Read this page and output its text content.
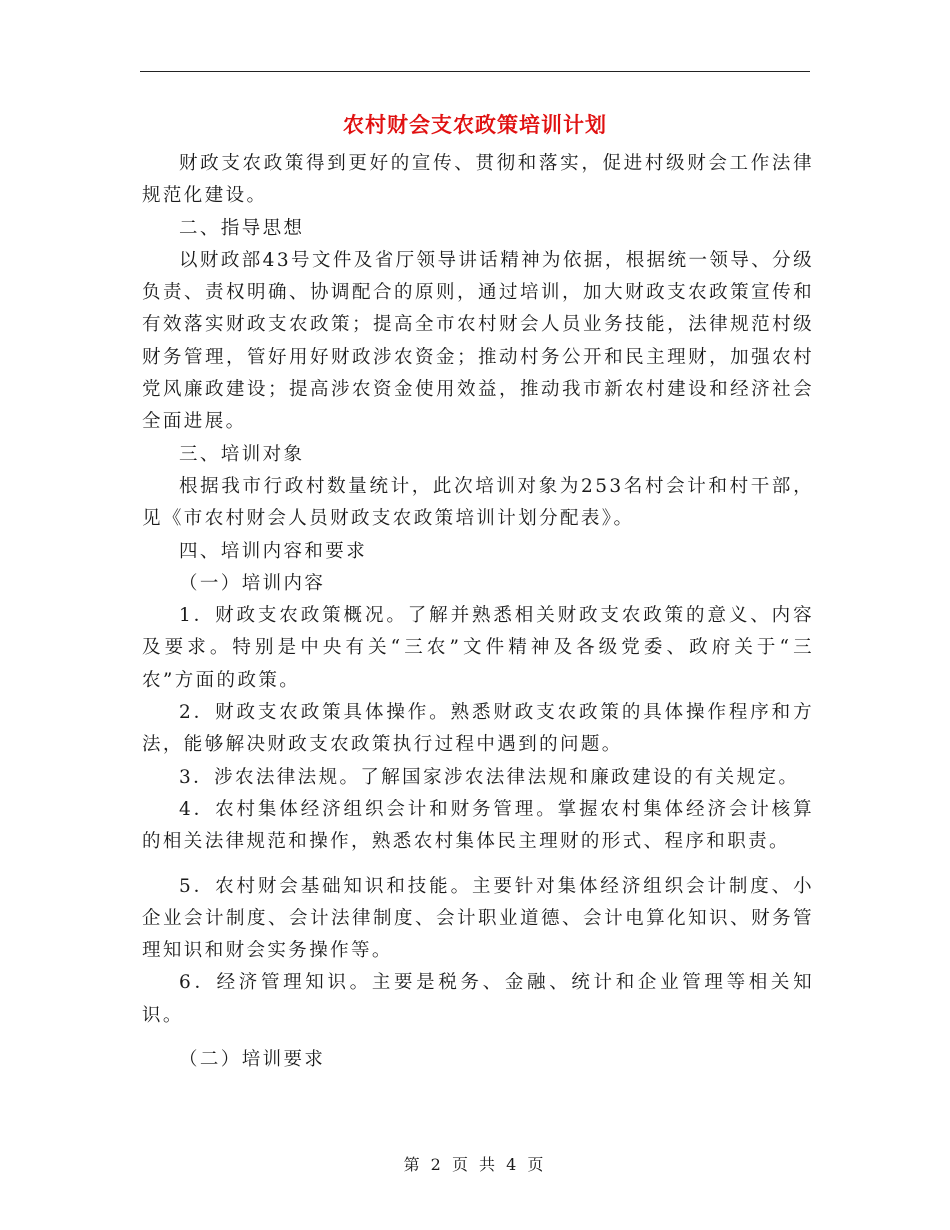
农村财会支农政策培训计划

财政支农政策得到更好的宣传、贯彻和落实，促进村级财会工作法律规范化建设。

二、指导思想

以财政部43号文件及省厅领导讲话精神为依据，根据统一领导、分级负责、责权明确、协调配合的原则，通过培训，加大财政支农政策宣传和有效落实财政支农政策；提高全市农村财会人员业务技能，法律规范村级财务管理，管好用好财政涉农资金；推动村务公开和民主理财，加强农村党风廉政建设；提高涉农资金使用效益，推动我市新农村建设和经济社会全面进展。

三、培训对象

根据我市行政村数量统计，此次培训对象为253名村会计和村干部，见《市农村财会人员财政支农政策培训计划分配表》。

四、培训内容和要求

（一）培训内容

1．财政支农政策概况。了解并熟悉相关财政支农政策的意义、内容及要求。特别是中央有关“三农”文件精神及各级党委、政府关于“三农”方面的政策。

2．财政支农政策具体操作。熟悉财政支农政策的具体操作程序和方法，能够解决财政支农政策执行过程中遇到的问题。

3．涉农法律法规。了解国家涉农法律法规和廉政建设的有关规定。

4．农村集体经济组织会计和财务管理。掌握农村集体经济会计核算的相关法律规范和操作，熟悉农村集体民主理财的形式、程序和职责。

5．农村财会基础知识和技能。主要针对集体经济组织会计制度、小企业会计制度、会计法律制度、会计职业道德、会计电算化知识、财务管理知识和财会实务操作等。

6．经济管理知识。主要是税务、金融、统计和企业管理等相关知识。

（二）培训要求

第 2 页 共 4 页
